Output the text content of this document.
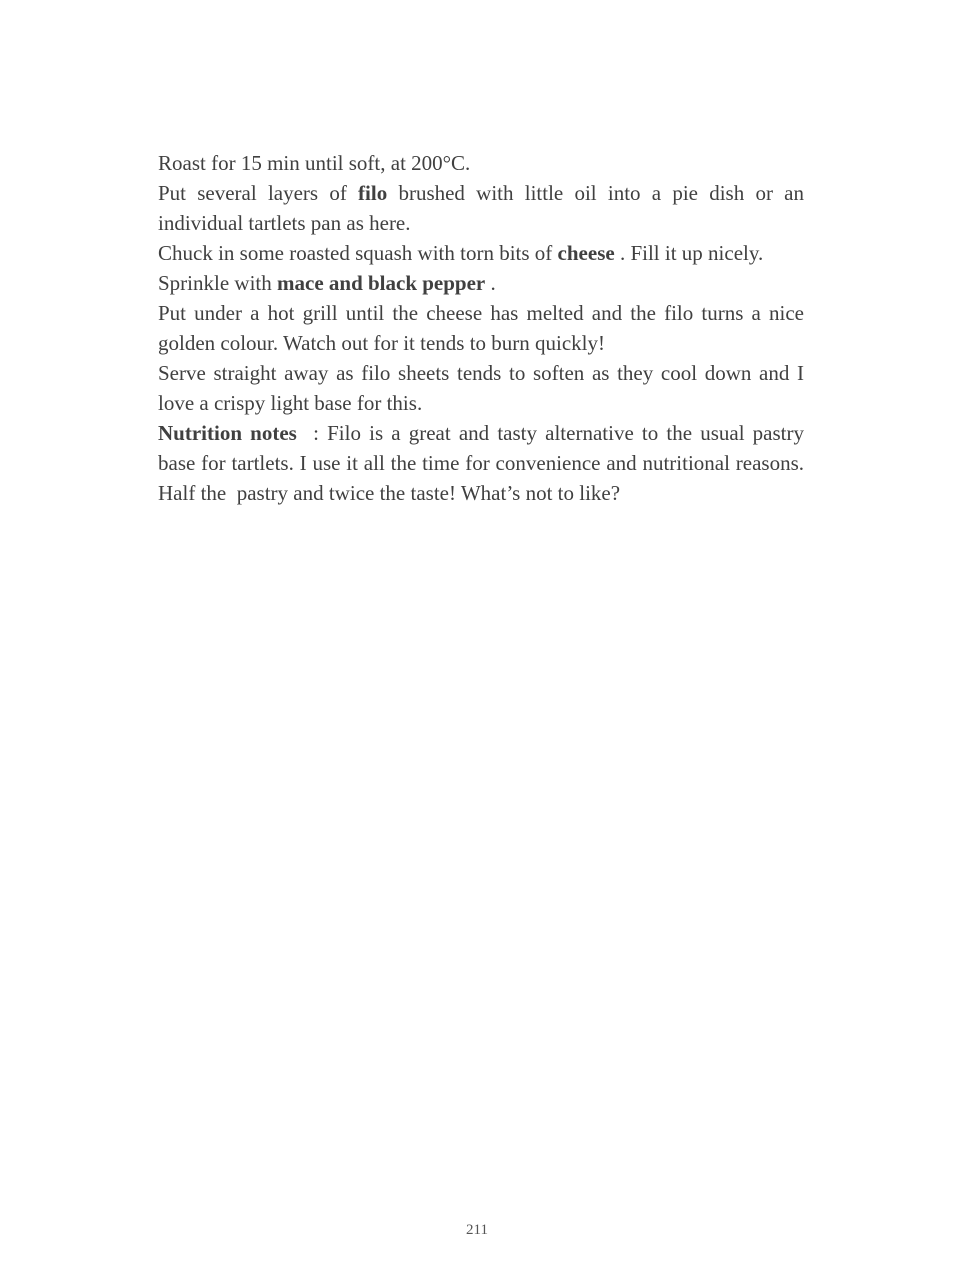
Roast for 15 min until soft, at 200°C.

Put several layers of filo brushed with little oil into a pie dish or an individual tartlets pan as here.

Chuck in some roasted squash with torn bits of cheese . Fill it up nicely.

Sprinkle with mace and black pepper .

Put under a hot grill until the cheese has melted and the filo turns a nice golden colour. Watch out for it tends to burn quickly!

Serve straight away as filo sheets tends to soften as they cool down and I love a crispy light base for this.

Nutrition notes  : Filo is a great and tasty alternative to the usual pastry base for tartlets. I use it all the time for convenience and nutritional reasons. Half the  pastry and twice the taste! What’s not to like?

211
